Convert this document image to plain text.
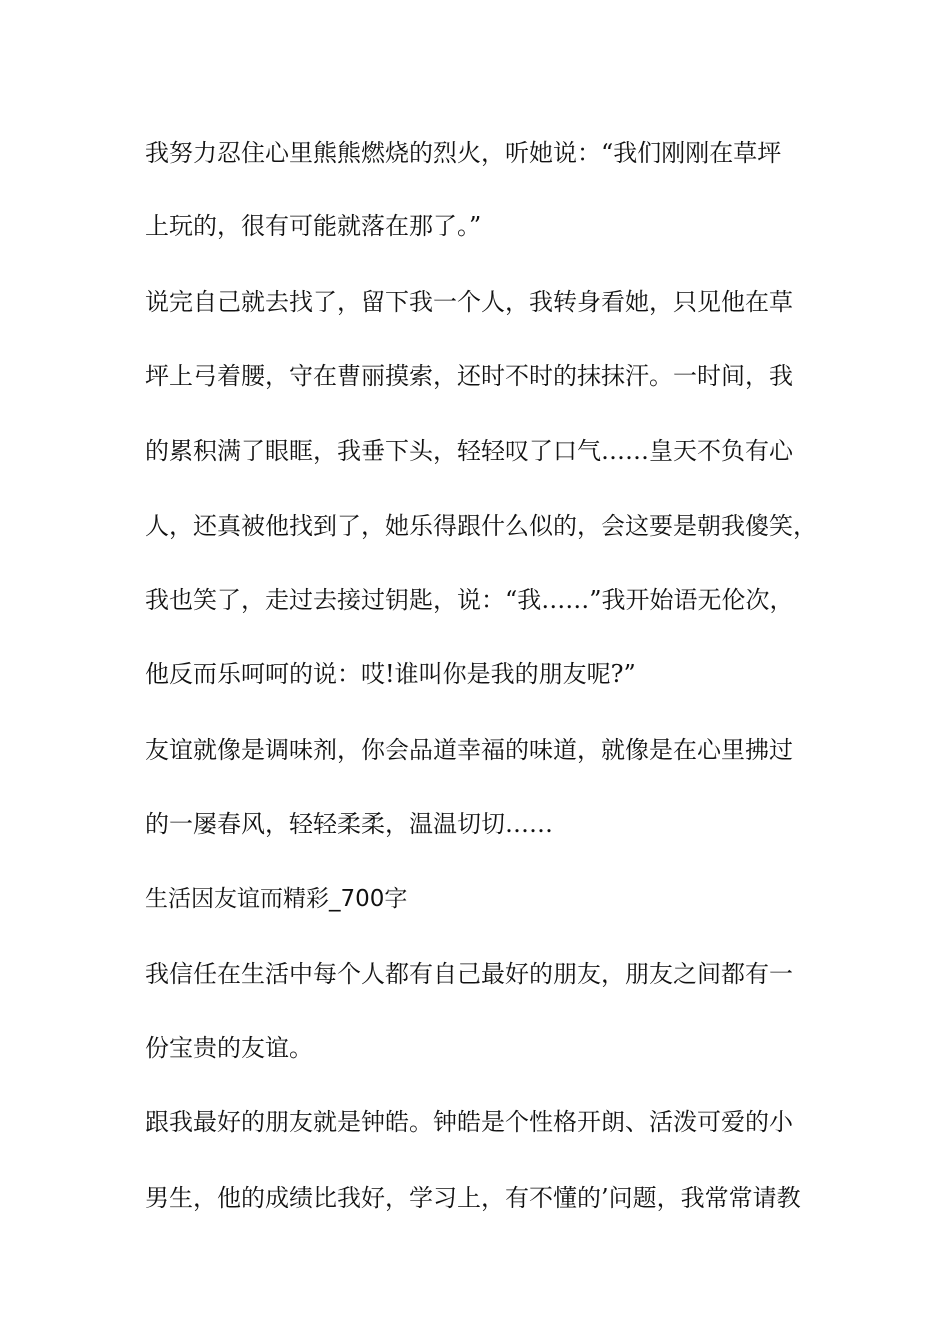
我努力忍住心里熊熊燃烧的烈火，听她说：“我们刚刚在草坪

上玩的，很有可能就落在那了。”

说完自己就去找了，留下我一个人，我转身看她，只见他在草

坪上弓着腰，守在曹丽摸索，还时不时的抹抹汗。一时间，我

的累积满了眼眶，我垂下头，轻轻叹了口气……皇天不负有心

人，还真被他找到了，她乐得跟什么似的，会这要是朝我傻笑，

我也笑了，走过去接过钥匙，说：“我……”我开始语无伦次，

他反而乐呵呵的说：哎!谁叫你是我的朋友呢?”

友谊就像是调味剂，你会品道幸福的味道，就像是在心里拂过

的一屡春风，轻轻柔柔，温温切切……

生活因友谊而精彩_700字

我信任在生活中每个人都有自己最好的朋友，朋友之间都有一

份宝贵的友谊。

跟我最好的朋友就是钟皓。钟皓是个性格开朗、活泼可爱的小

男生，他的成绩比我好，学习上，有不懂的’问题，我常常请教
